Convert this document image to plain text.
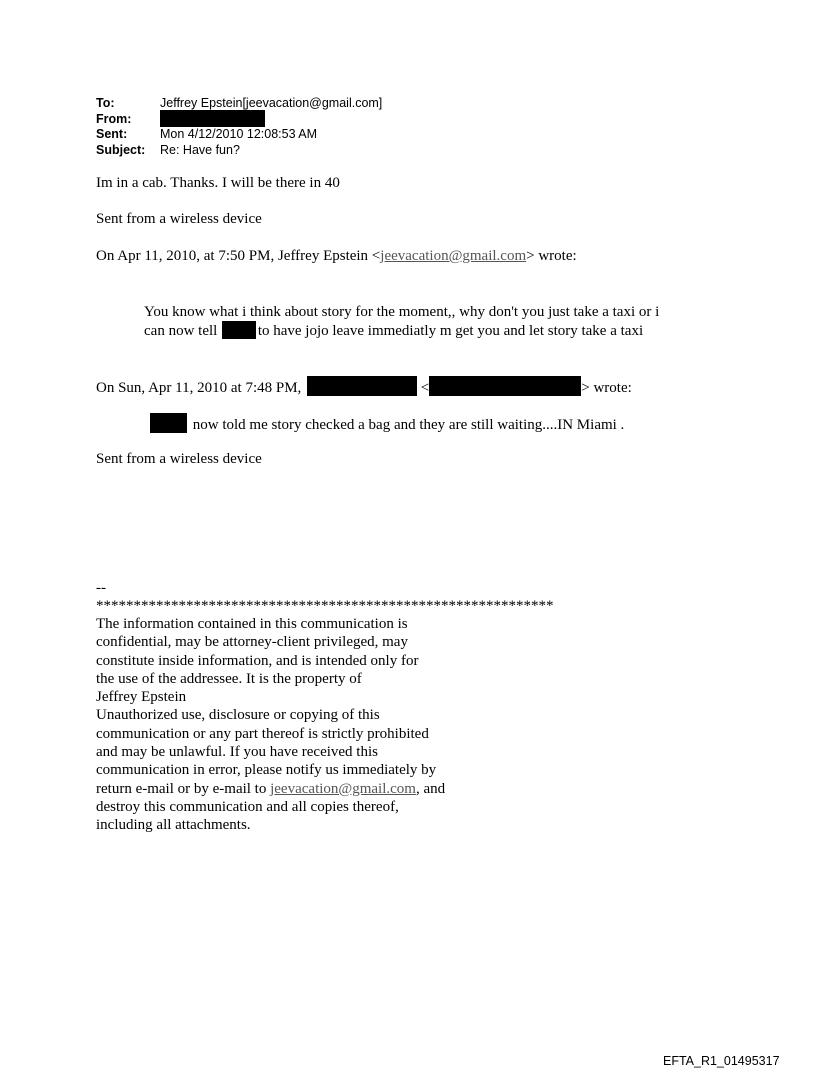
To:	Jeffrey Epstein[jeevacation@gmail.com]
From:
Sent:	Mon 4/12/2010 12:08:53 AM
Subject: Re: Have fun?
Im in a cab. Thanks. I will be there in 40
Sent from a wireless device
On Apr 11, 2010, at 7:50 PM, Jeffrey Epstein <jeevacation@gmail.com> wrote:
You know what i think about story for the moment,, why don't you just take a taxi or i can now tell	to have jojo leave immediatly m get you and let story take a taxi
On Sun, Apr 11, 2010 at 7:48 PM,	<	> wrote:
now told me story checked a bag and they are still waiting....IN Miami .
Sent from a wireless device
--
*************************************************************
The information contained in this communication is
confidential, may be attorney-client privileged, may
constitute inside information, and is intended only for
the use of the addressee. It is the property of
Jeffrey Epstein
Unauthorized use, disclosure or copying of this
communication or any part thereof is strictly prohibited
and may be unlawful. If you have received this
communication in error, please notify us immediately by
return e-mail or by e-mail to jeevacation@gmail.com, and
destroy this communication and all copies thereof,
including all attachments.
EFTA_R1_01495317
